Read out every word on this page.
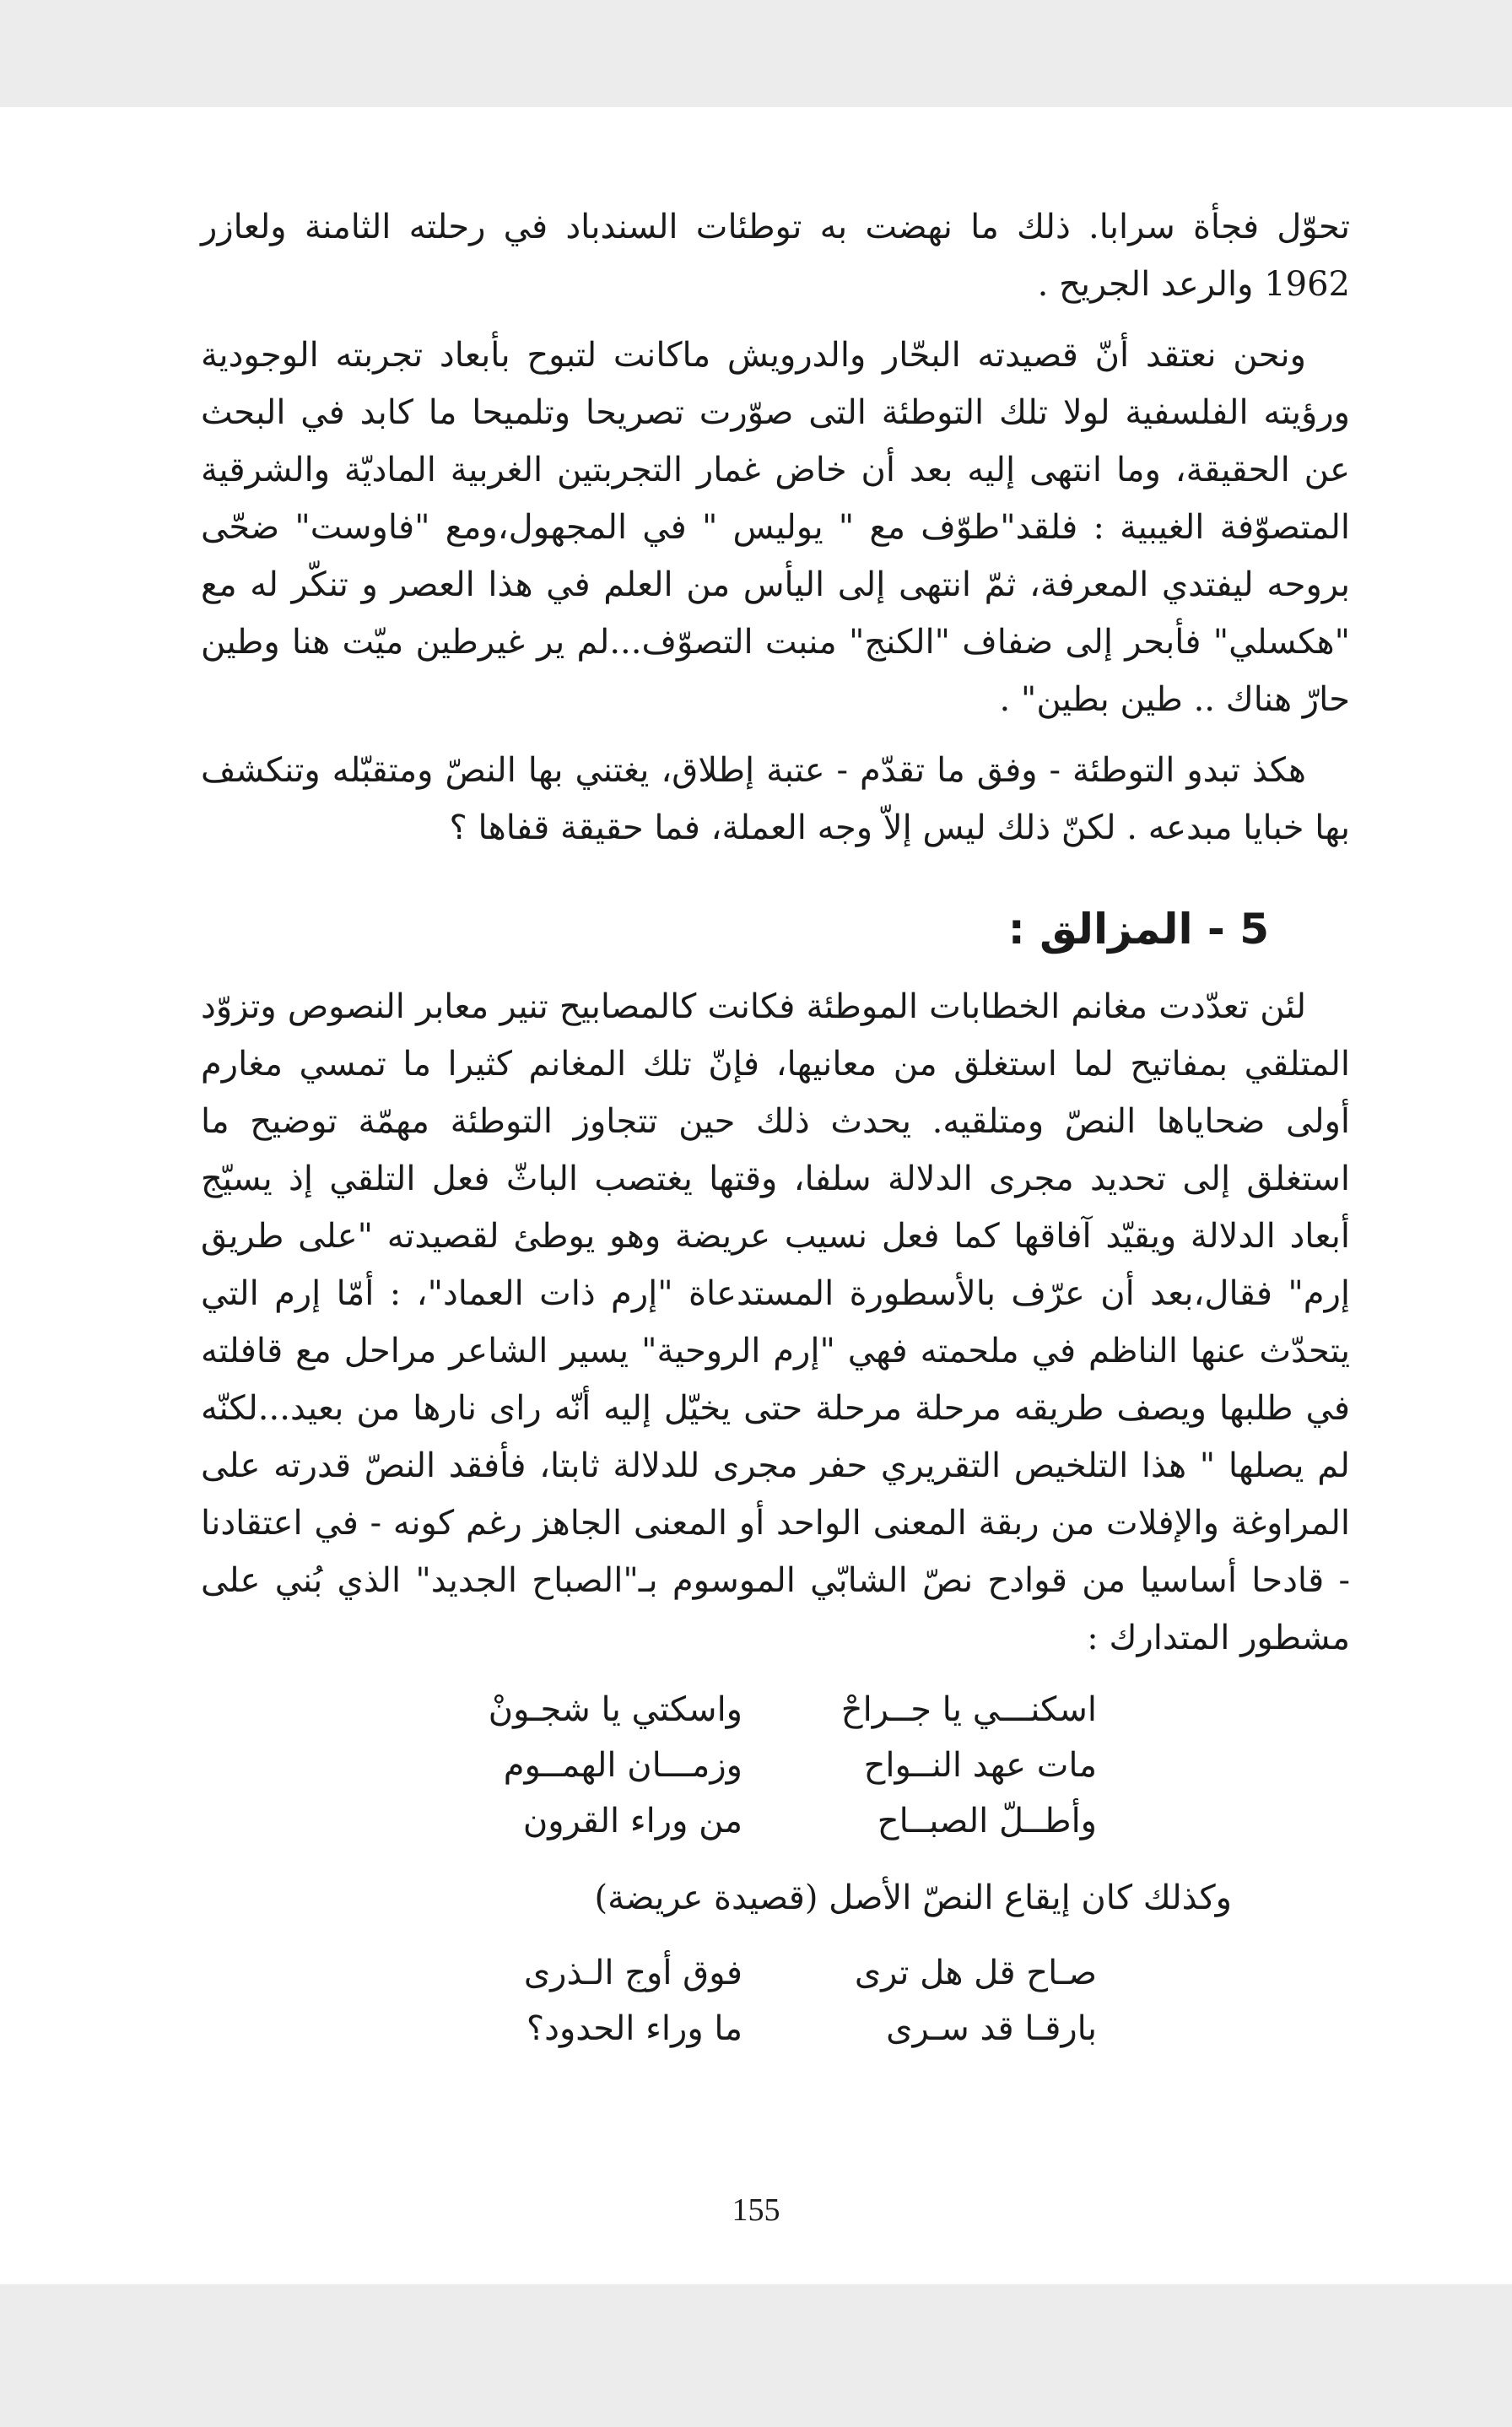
تحوّل فجأة سرابا. ذلك ما نهضت به توطئات السندباد في رحلته الثامنة ولعازر 1962 والرعد الجريح .

ونحن نعتقد أنّ قصيدته البحّار والدرويش ماكانت لتبوح بأبعاد تجربته الوجودية ورؤيته الفلسفية لولا تلك التوطئة التى صوّرت تصريحا وتلميحا ما كابد في البحث عن الحقيقة، وما انتهى إليه بعد أن خاض غمار التجربتين الغربية الماديّة والشرقية المتصوّفة الغيبية : فلقد"طوّف مع " يوليس " في المجهول،ومع "فاوست" ضحّى بروحه ليفتدي المعرفة، ثمّ انتهى إلى اليأس من العلم في هذا العصر و تنكّر له مع "هكسلي" فأبحر إلى ضفاف "الكنج" منبت التصوّف...لم ير غيرطين ميّت هنا وطين حارّ هناك .. طين بطين" .

هكذ تبدو التوطئة - وفق ما تقدّم - عتبة إطلاق، يغتني بها النصّ ومتقبّله وتنكشف بها خبايا مبدعه . لكنّ ذلك ليس إلاّ وجه العملة، فما حقيقة قفاها ؟

5 - المزالق :

لئن تعدّدت مغانم الخطابات الموطئة فكانت كالمصابيح تنير معابر النصوص وتزوّد المتلقي بمفاتيح لما استغلق من معانيها، فإنّ تلك المغانم كثيرا ما تمسي مغارم أولى ضحاياها النصّ ومتلقيه. يحدث ذلك حين تتجاوز التوطئة مهمّة توضيح ما استغلق إلى تحديد مجرى الدلالة سلفا، وقتها يغتصب الباثّ فعل التلقي إذ يسيّج أبعاد الدلالة ويقيّد آفاقها كما فعل نسيب عريضة وهو يوطئ لقصيدته "على طريق إرم" فقال،بعد أن عرّف بالأسطورة المستدعاة "إرم ذات العماد"، : أمّا إرم التي يتحدّث عنها الناظم في ملحمته فهي "إرم الروحية" يسير الشاعر مراحل مع قافلته في طلبها ويصف طريقه مرحلة مرحلة حتى يخيّل إليه أنّه راى نارها من بعيد...لكنّه لم يصلها " هذا التلخيص التقريري حفر مجرى للدلالة ثابتا، فأفقد النصّ قدرته على المراوغة والإفلات من ربقة المعنى الواحد أو المعنى الجاهز رغم كونه - في اعتقادنا - قادحا أساسيا من قوادح نصّ الشابّي الموسوم بـ"الصباح الجديد" الذي بُني على مشطور المتدارك :

اسكنـــي يا جــراحْ
واسكتي يا شجـونْ
مات عهد النــواح
وزمـــان الهمــوم
وأطــلّ الصبــاح
من وراء القرون
وكذلك كان إيقاع النصّ الأصل (قصيدة عريضة)
صـاح قل هل ترى
فوق أوج الـذرى
بارقـا قد سـرى
ما وراء الحدود؟
155
